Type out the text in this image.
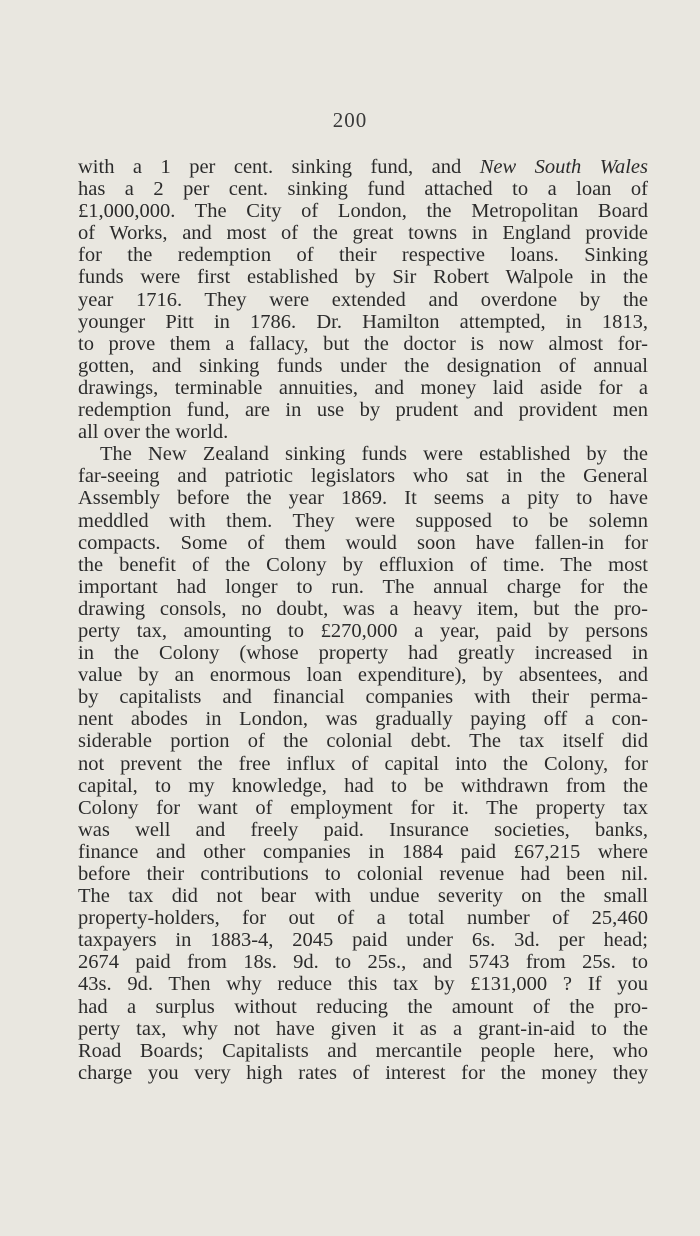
200
with a 1 per cent. sinking fund, and New South Wales
has a 2 per cent. sinking fund attached to a loan of
£1,000,000. The City of London, the Metropolitan Board
of Works, and most of the great towns in England provide
for the redemption of their respective loans. Sinking
funds were first established by Sir Robert Walpole in the
year 1716. They were extended and overdone by the
younger Pitt in 1786. Dr. Hamilton attempted, in 1813,
to prove them a fallacy, but the doctor is now almost for-
gotten, and sinking funds under the designation of annual
drawings, terminable annuities, and money laid aside for a
redemption fund, are in use by prudent and provident men
all over the world.
The New Zealand sinking funds were established by the
far-seeing and patriotic legislators who sat in the General
Assembly before the year 1869. It seems a pity to have
meddled with them. They were supposed to be solemn
compacts. Some of them would soon have fallen-in for
the benefit of the Colony by effluxion of time. The most
important had longer to run. The annual charge for the
drawing consols, no doubt, was a heavy item, but the pro-
perty tax, amounting to £270,000 a year, paid by persons
in the Colony (whose property had greatly increased in
value by an enormous loan expenditure), by absentees, and
by capitalists and financial companies with their perma-
nent abodes in London, was gradually paying off a con-
siderable portion of the colonial debt. The tax itself did
not prevent the free influx of capital into the Colony, for
capital, to my knowledge, had to be withdrawn from the
Colony for want of employment for it. The property tax
was well and freely paid. Insurance societies, banks,
finance and other companies in 1884 paid £67,215 where
before their contributions to colonial revenue had been nil.
The tax did not bear with undue severity on the small
property-holders, for out of a total number of 25,460
taxpayers in 1883-4, 2045 paid under 6s. 3d. per head;
2674 paid from 18s. 9d. to 25s., and 5743 from 25s. to
43s. 9d. Then why reduce this tax by £131,000 ? If you
had a surplus without reducing the amount of the pro-
perty tax, why not have given it as a grant-in-aid to the
Road Boards; Capitalists and mercantile people here, who
charge you very high rates of interest for the money they
